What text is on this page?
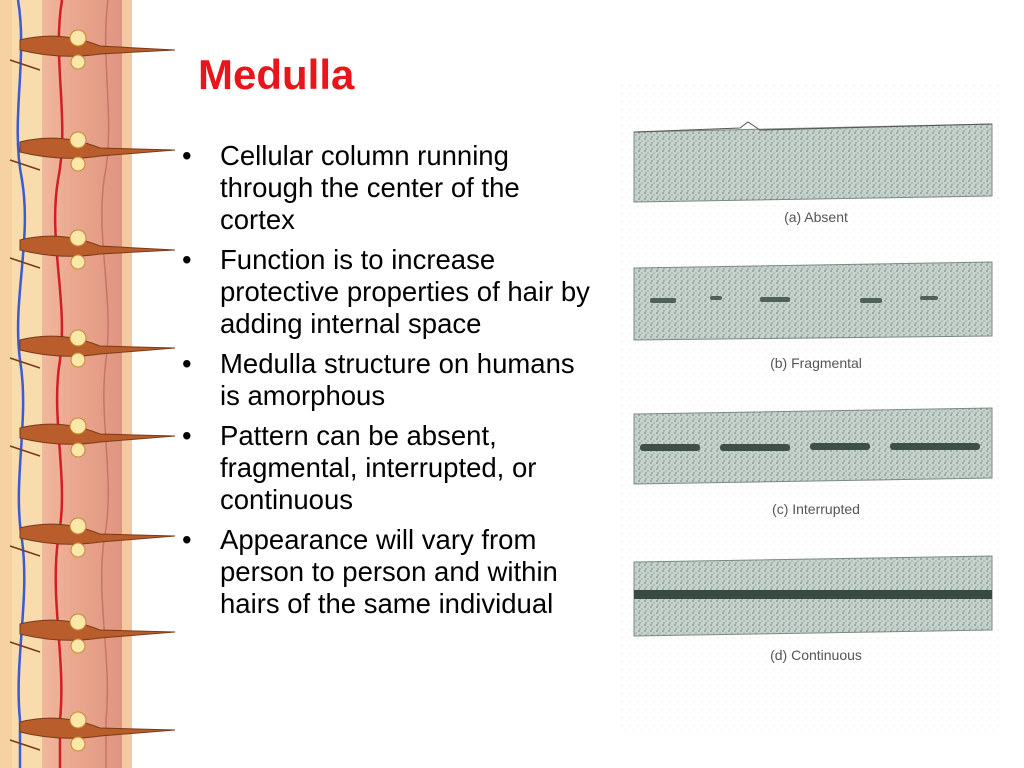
Medulla
•	Cellular column running through the center of the cortex
•	Function is to increase protective properties of hair by adding internal space
•	Medulla structure on humans is amorphous
•	Pattern can be absent, fragmental, interrupted, or continuous
•	Appearance will vary from person to person and within hairs of the same individual
(a) Absent
(b) Fragmental
(c) Interrupted
(d) Continuous
